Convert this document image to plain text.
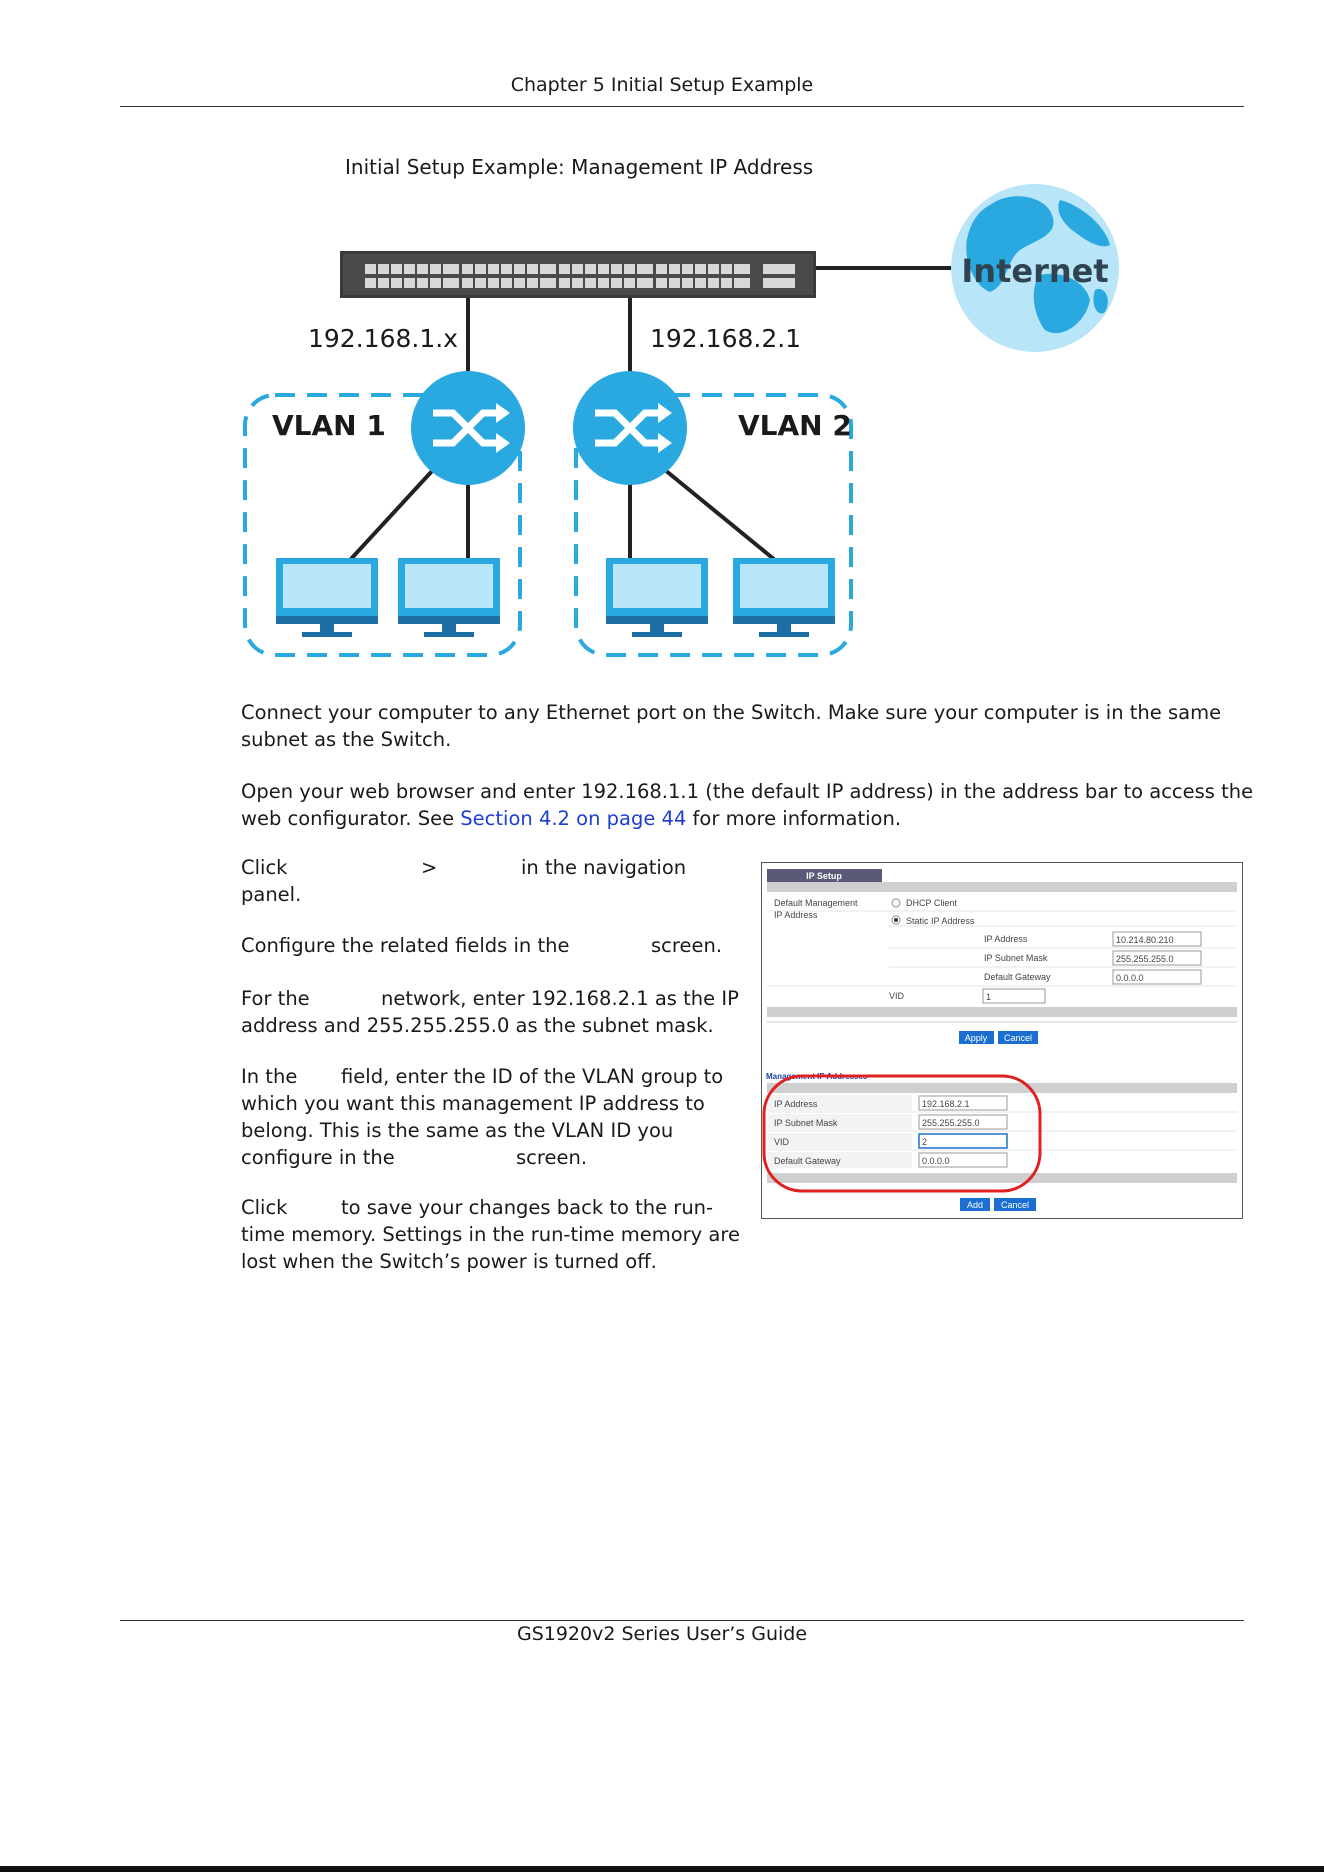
Chapter 5 Initial Setup Example
Initial Setup Example: Management IP Address
Internet
192.168.1.x	192.168.2.1
VLAN 1	VLAN 2
Connect your computer to any Ethernet port on the Switch. Make sure your computer is in the same
subnet as the Switch.
Open your web browser and enter 192.168.1.1 (the default IP address) in the address bar to access the
web configurator. See Section 4.2 on page 44 for more information.
Click	>	in the navigation
panel.
Configure the related fields in the	screen.
For the	network, enter 192.168.2.1 as the IP
address and 255.255.255.0 as the subnet mask.
In the field, enter the ID of the VLAN group to
which you want this management IP address to
belong. This is the same as the VLAN ID you
configure in the	screen.
Click	to save your changes back to the run-
time memory. Settings in the run-time memory are
lost when the Switch’s power is turned off.
IP Setup
Default Management
IP Address
DHCP Client
Static IP Address
IP Address	10.214.80.210
IP Subnet Mask	255.255.255.0
Default Gateway	0.0.0.0
VID	1
Apply Cancel
Management IP Addresses
IP Address	192.168.2.1
IP Subnet Mask	255.255.255.0
VID	2
Default Gateway	0.0.0.0
Add Cancel
GS1920v2 Series User’s Guide
